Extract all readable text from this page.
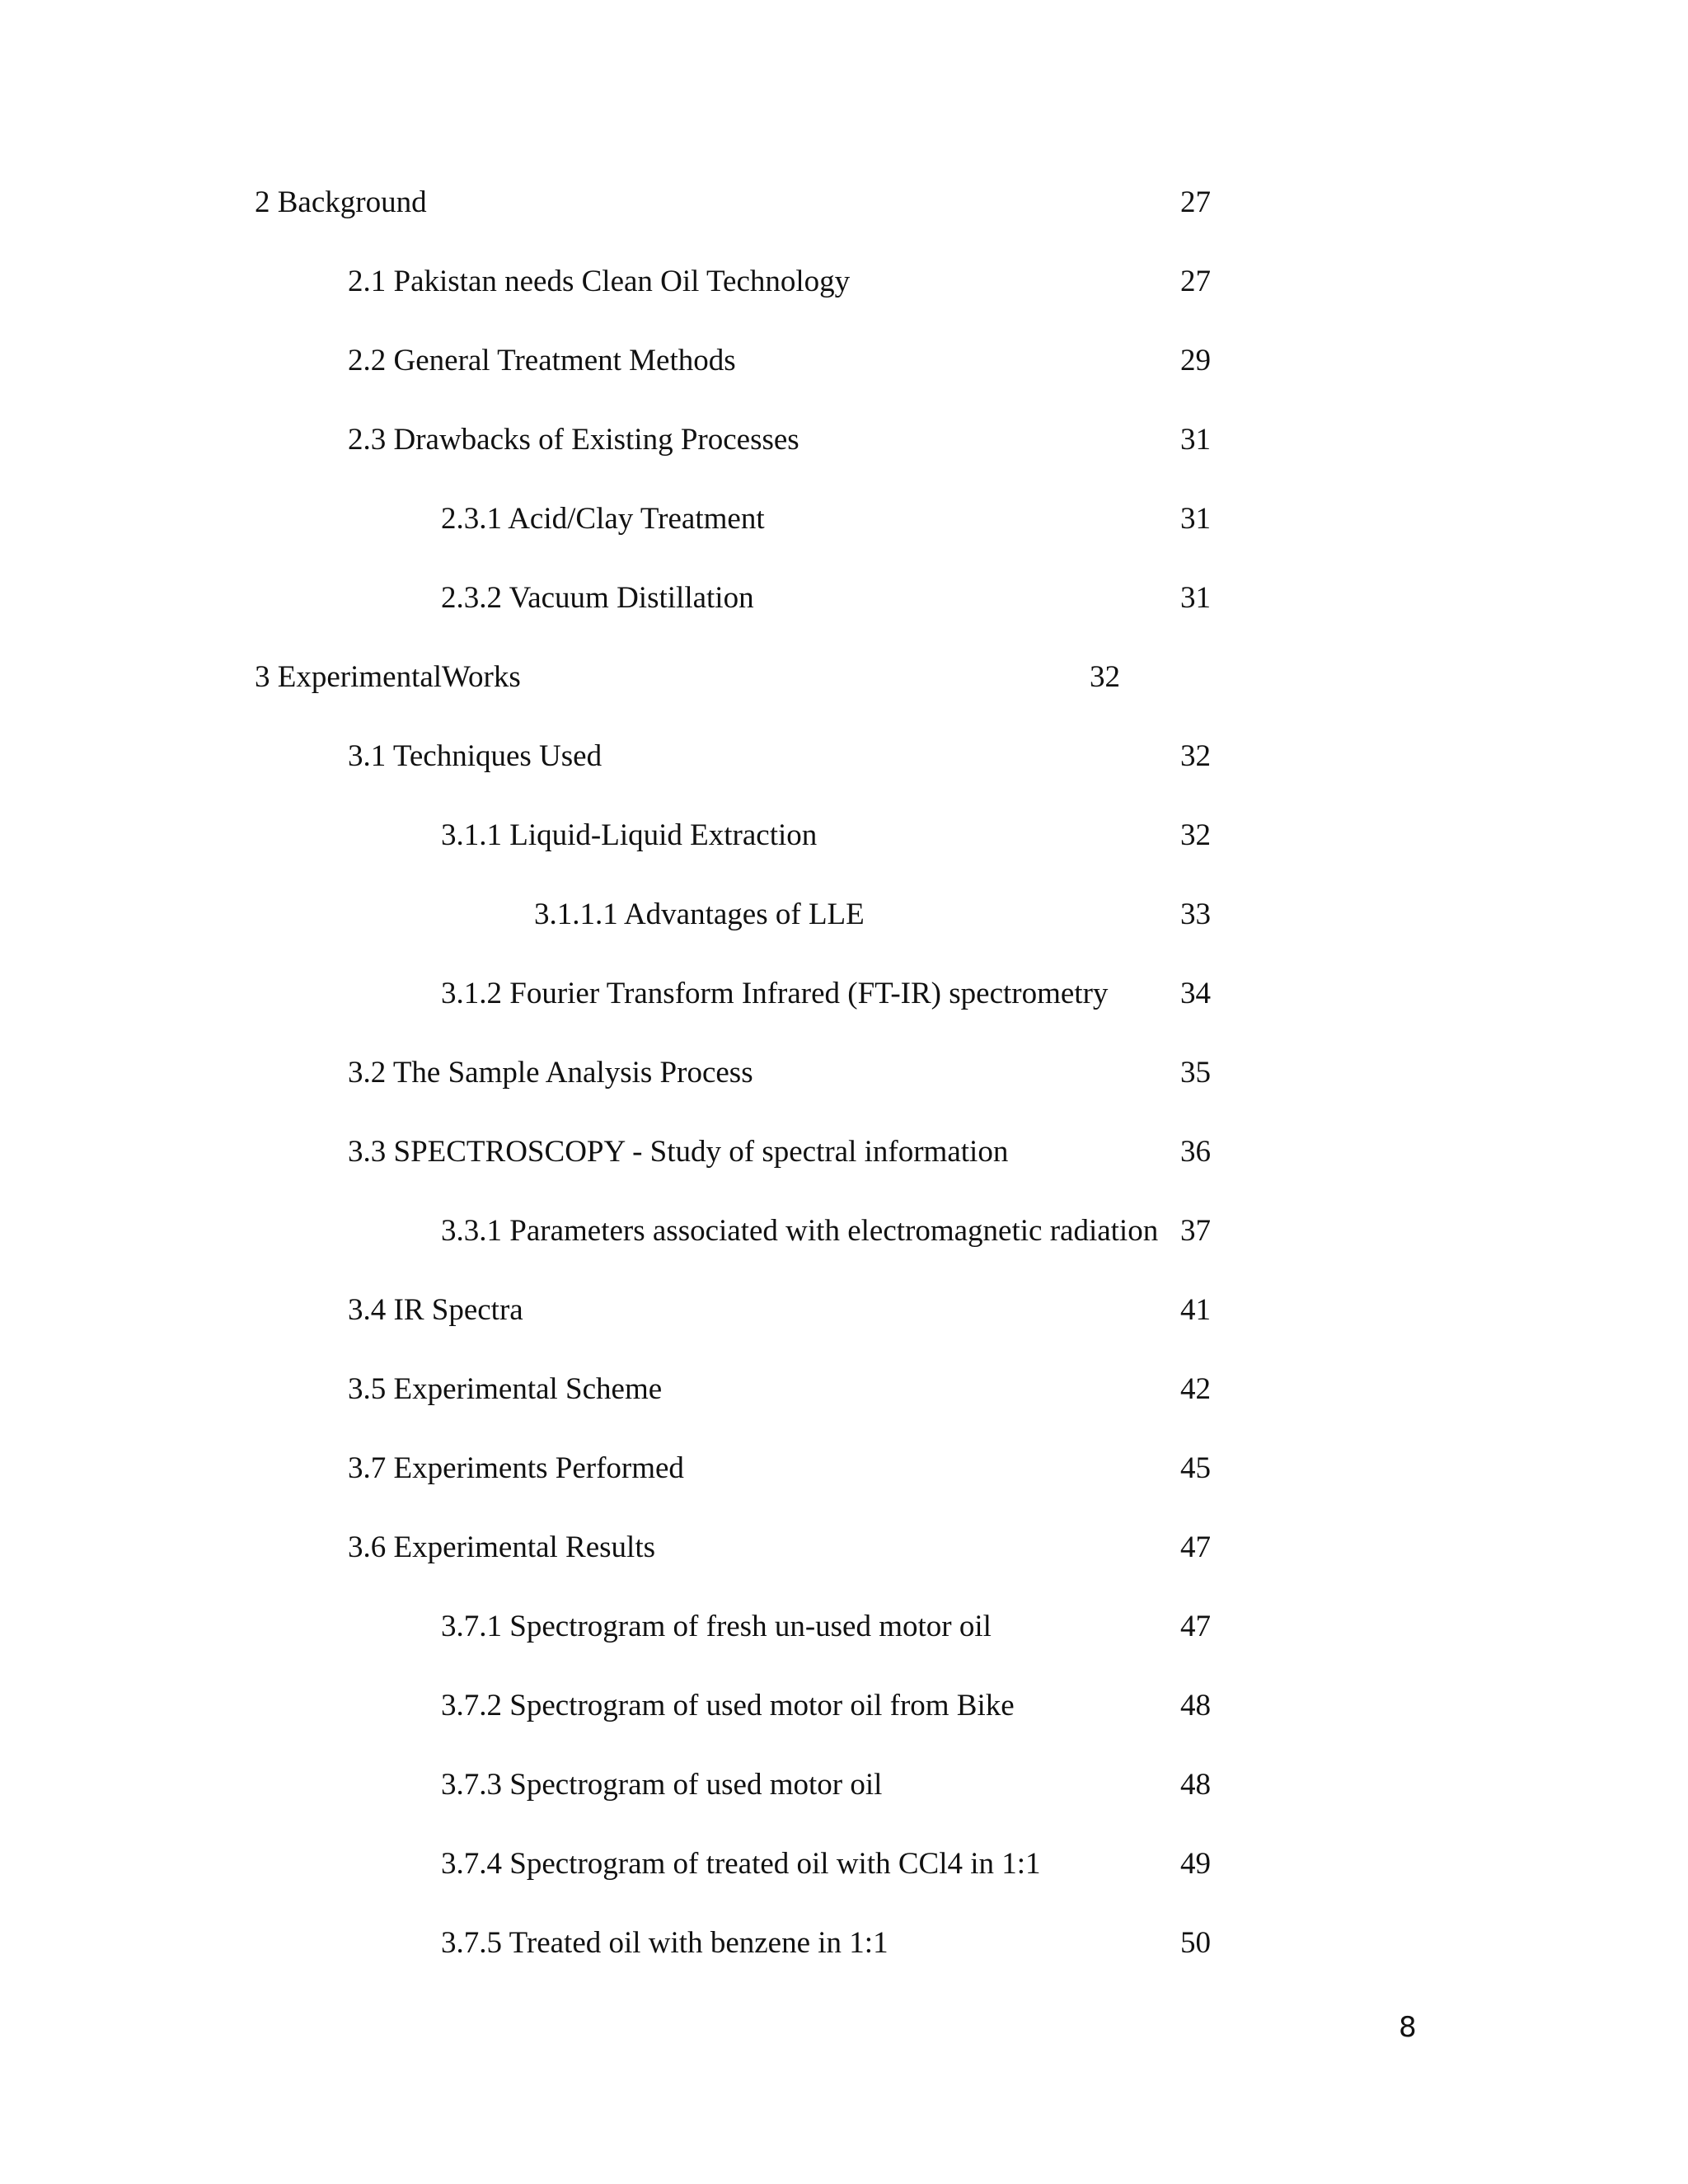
2 Background	27
2.1 Pakistan needs Clean Oil Technology	27
2.2 General Treatment Methods	29
2.3 Drawbacks of Existing Processes	31
2.3.1 Acid/Clay Treatment	31
2.3.2 Vacuum Distillation	31
3 ExperimentalWorks	32
3.1 Techniques Used	32
3.1.1 Liquid-Liquid Extraction	32
3.1.1.1 Advantages of LLE	33
3.1.2 Fourier Transform Infrared (FT-IR) spectrometry 34
3.2 The Sample Analysis Process	35
3.3 SPECTROSCOPY - Study of spectral information	36
3.3.1 Parameters associated with electromagnetic radiation 37
3.4 IR Spectra	41
3.5 Experimental Scheme	42
3.7 Experiments Performed	45
3.6 Experimental Results	47
3.7.1 Spectrogram of fresh un-used motor oil	47
3.7.2 Spectrogram of used motor oil from Bike	48
3.7.3 Spectrogram of used motor oil	48
3.7.4 Spectrogram of treated oil with CCl4 in 1:1	49
3.7.5 Treated oil with benzene in 1:1	50
8
